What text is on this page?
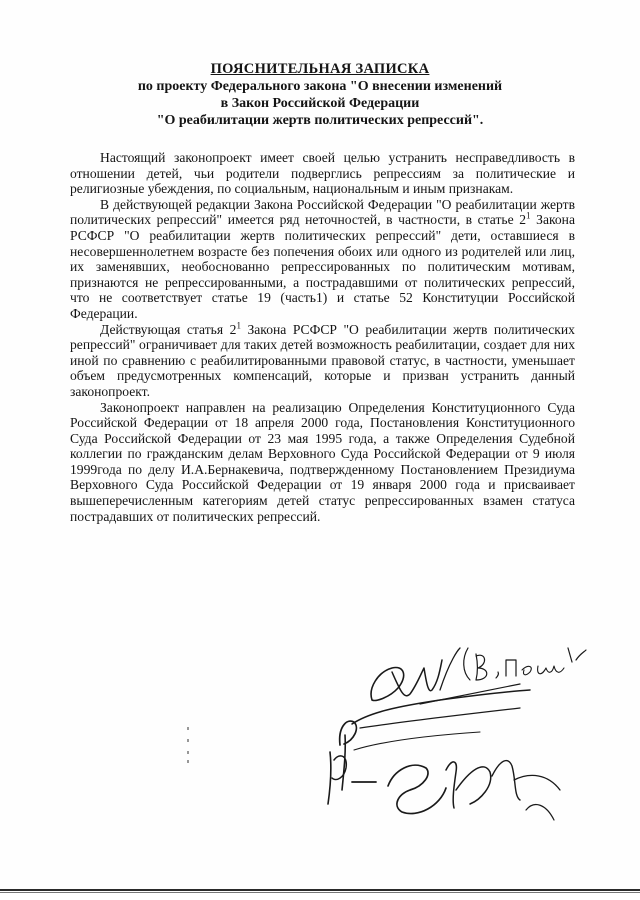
ПОЯСНИТЕЛЬНАЯ ЗАПИСКА
по проекту Федерального закона "О внесении изменений
в Закон Российской Федерации
"О реабилитации жертв политических репрессий".

Настоящий законопроект имеет своей целью устранить несправедливость в отношении детей, чьи родители подверглись репрессиям за политические и религиозные убеждения, по социальным, национальным и иным признакам.

В действующей редакции Закона Российской Федерации "О реабилитации жертв политических репрессий" имеется ряд неточностей, в частности, в статье $2^1$ Закона РСФСР "О реабилитации жертв политических репрессий" дети, оставшиеся в несовершеннолетнем возрасте без попечения обоих или одного из родителей или лиц, их заменявших, необоснованно репрессированных по политическим мотивам, признаются не репрессированными, а пострадавшими от политических репрессий, что не соответствует статье 19 (часть1) и статье 52 Конституции Российской Федерации.

Действующая статья $2^1$ Закона РСФСР "О реабилитации жертв политических репрессий" ограничивает для таких детей возможность реабилитации, создает для них иной по сравнению с реабилитированными правовой статус, в частности, уменьшает объем предусмотренных компенсаций, которые и призван устранить данный законопроект.

Законопроект направлен на реализацию Определения Конституционного Суда Российской Федерации от 18 апреля 2000 года, Постановления Конституционного Суда Российской Федерации от 23 мая 1995 года, а также Определения Судебной коллегии по гражданским делам Верховного Суда Российской Федерации от 9 июля 1999года по делу И.А.Бернакевича, подтвержденному Постановлением Президиума Верховного Суда Российской Федерации от 19 января 2000 года и присваивает вышеперечисленным категориям детей статус репрессированных взамен статуса пострадавших от политических репрессий.
